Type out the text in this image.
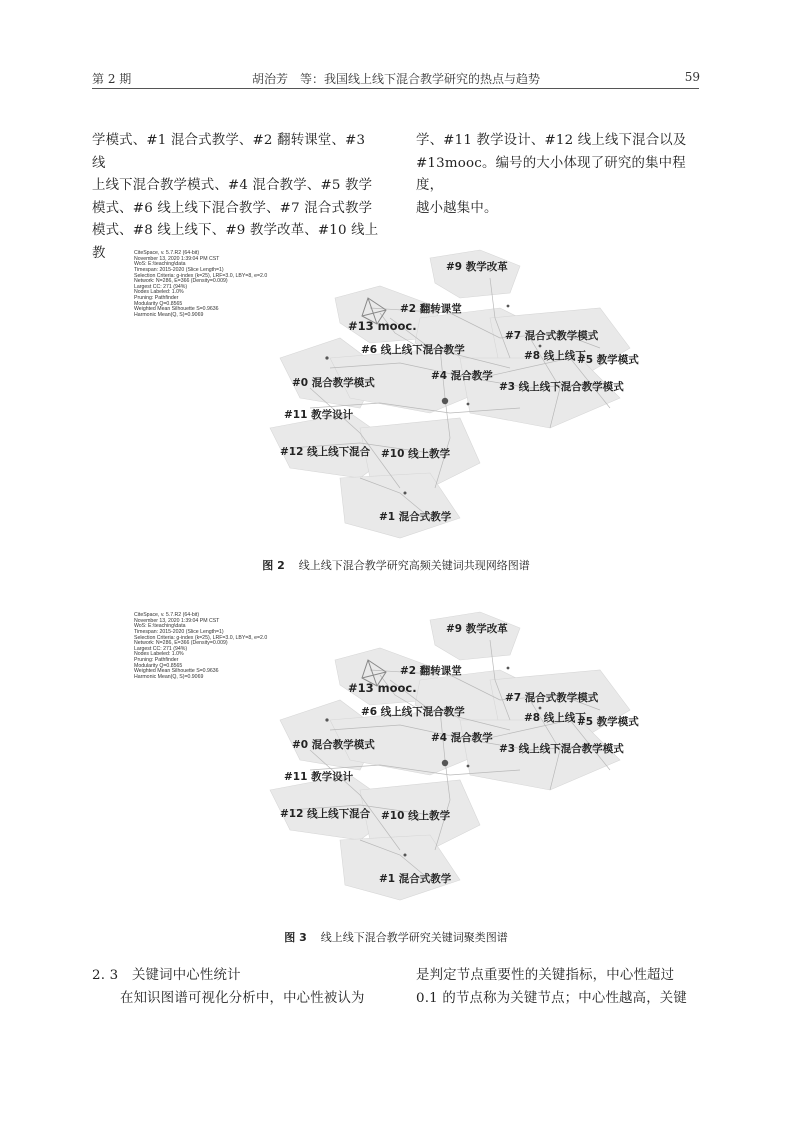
第 2 期	胡治芳　等：我国线上线下混合教学研究的热点与趋势	59

学模式、#1 混合式教学、#2 翻转课堂、#3 线

上线下混合教学模式、#4 混合教学、#5 教学

模式、#6 线上线下混合教学、#7 混合式教学

模式、#8 线上线下、#9 教学改革、#10 线上教

学、#11 教学设计、#12 线上线下混合以及

#13mooc。编号的大小体现了研究的集中程度，

越小越集中。

CiteSpace, v. 5.7.R2 (64-bit)
November 13, 2020 1:39:04 PM CST
WoS: E:\teaching\data
Timespan: 2015-2020 (Slice Length=1)
Selection Criteria: g-index (k=25), LRF=3.0, LBY=8, e=2.0
Network: N=286, E=366 (Density=0.009)
Largest CC: 271 (94%)
Nodes Labeled: 1.0%
Pruning: Pathfinder
Modularity Q=0.8565
Weighted Mean Silhouette S=0.9636
Harmonic Mean(Q, S)=0.9069

#9 教学改革
#2 翻转课堂
#13 mooc.
#7 混合式教学模式
#6 线上线下混合教学	#8 线上线下
#5 教学模式
#0 混合教学模式
#4 混合教学
#3 线上线下混合教学模式
#11 教学设计
#12 线上线下混合 #10 线上教学
#1 混合式教学
图 2 线上线下混合教学研究高频关键词共现网络图谱

CiteSpace, v. 5.7.R2 (64-bit)
November 13, 2020 1:39:04 PM CST
WoS: E:\teaching\data
Timespan: 2015-2020 (Slice Length=1)
Selection Criteria: g-index (k=25), LRF=3.0, LBY=8, e=2.0
Network: N=286, E=366 (Density=0.009)
Largest CC: 271 (94%)
Nodes Labeled: 1.0%
Pruning: Pathfinder
Modularity Q=0.8565
Weighted Mean Silhouette S=0.9636
Harmonic Mean(Q, S)=0.9069

#9 教学改革
#2 翻转课堂
#13 mooc.
#7 混合式教学模式
#6 线上线下混合教学	#8 线上线下
#5 教学模式
#0 混合教学模式
#4 混合教学
#3 线上线下混合教学模式
#11 教学设计
#12 线上线下混合 #10 线上教学
#1 混合式教学
图 3 线上线下混合教学研究关键词聚类图谱

2. 3　关键词中心性统计

在知识图谱可视化分析中，中心性被认为

是判定节点重要性的关键指标，中心性超过

0.1 的节点称为关键节点；中心性越高，关键
